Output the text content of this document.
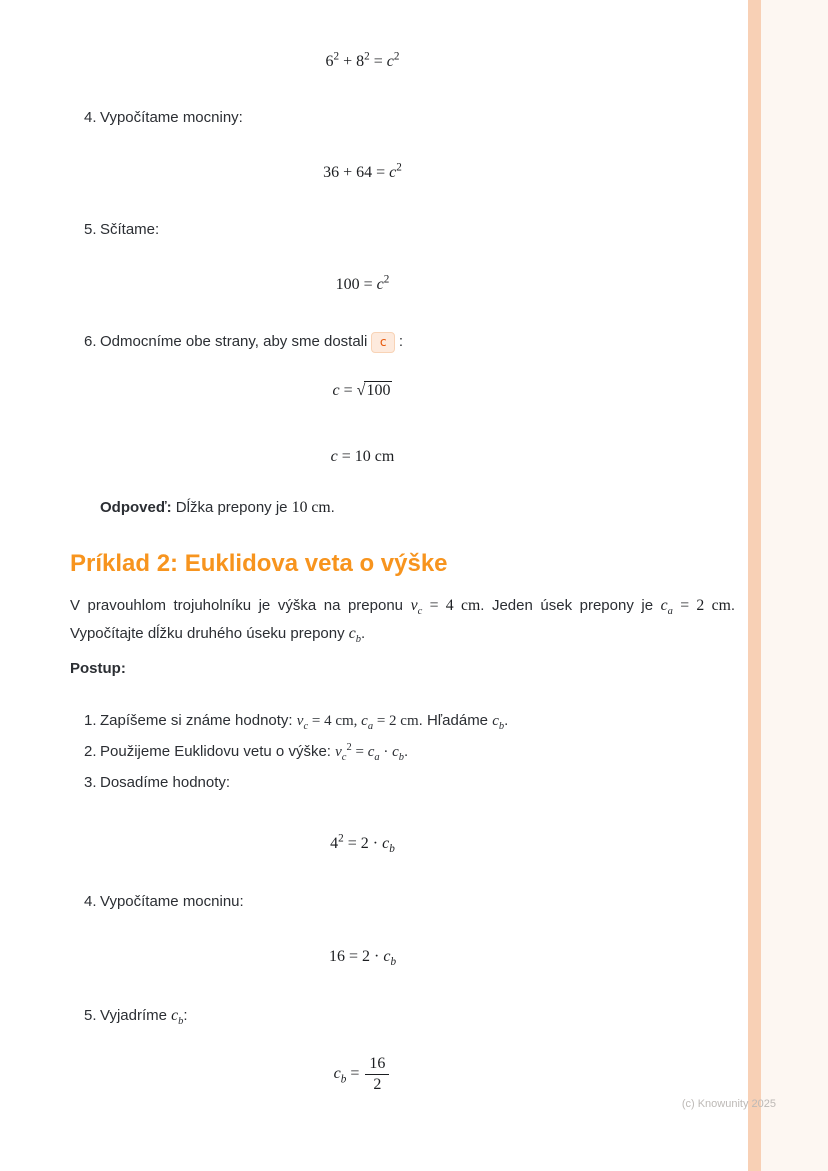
$6^2 + 8^2 = c^2$
4. Vypočítame mocniny:
$36 + 64 = c^2$
5. Sčítame:
$100 = c^2$
6. Odmocníme obe strany, aby sme dostali c :
c = √100
c = 10 cm
Odpoveď: Dĺžka prepony je 10 cm.
Príklad 2: Euklidova veta o výške

V pravouhlom trojuholníku je výška na preponu $v_c = 4$ cm. Jeden úsek prepony je $c_a = 2$ cm. Vypočítajte dĺžku druhého úseku prepony $c_b$.

Postup:
1. Zapíšeme si známe hodnoty: $v_c = 4$ cm, $c_a = 2$ cm. Hľadáme $c_b$.
2. Použijeme Euklidovu vetu o výške: $v_c^2 = c_a \cdot c_b$.
3. Dosadíme hodnoty:
$4^2 = 2 \cdot c_b$
4. Vypočítame mocninu:
$16 = 2 \cdot c_b$
5. Vyjadríme $c_b$:
$c_b = \frac{16}{2}$
(c) Knowunity 2025
